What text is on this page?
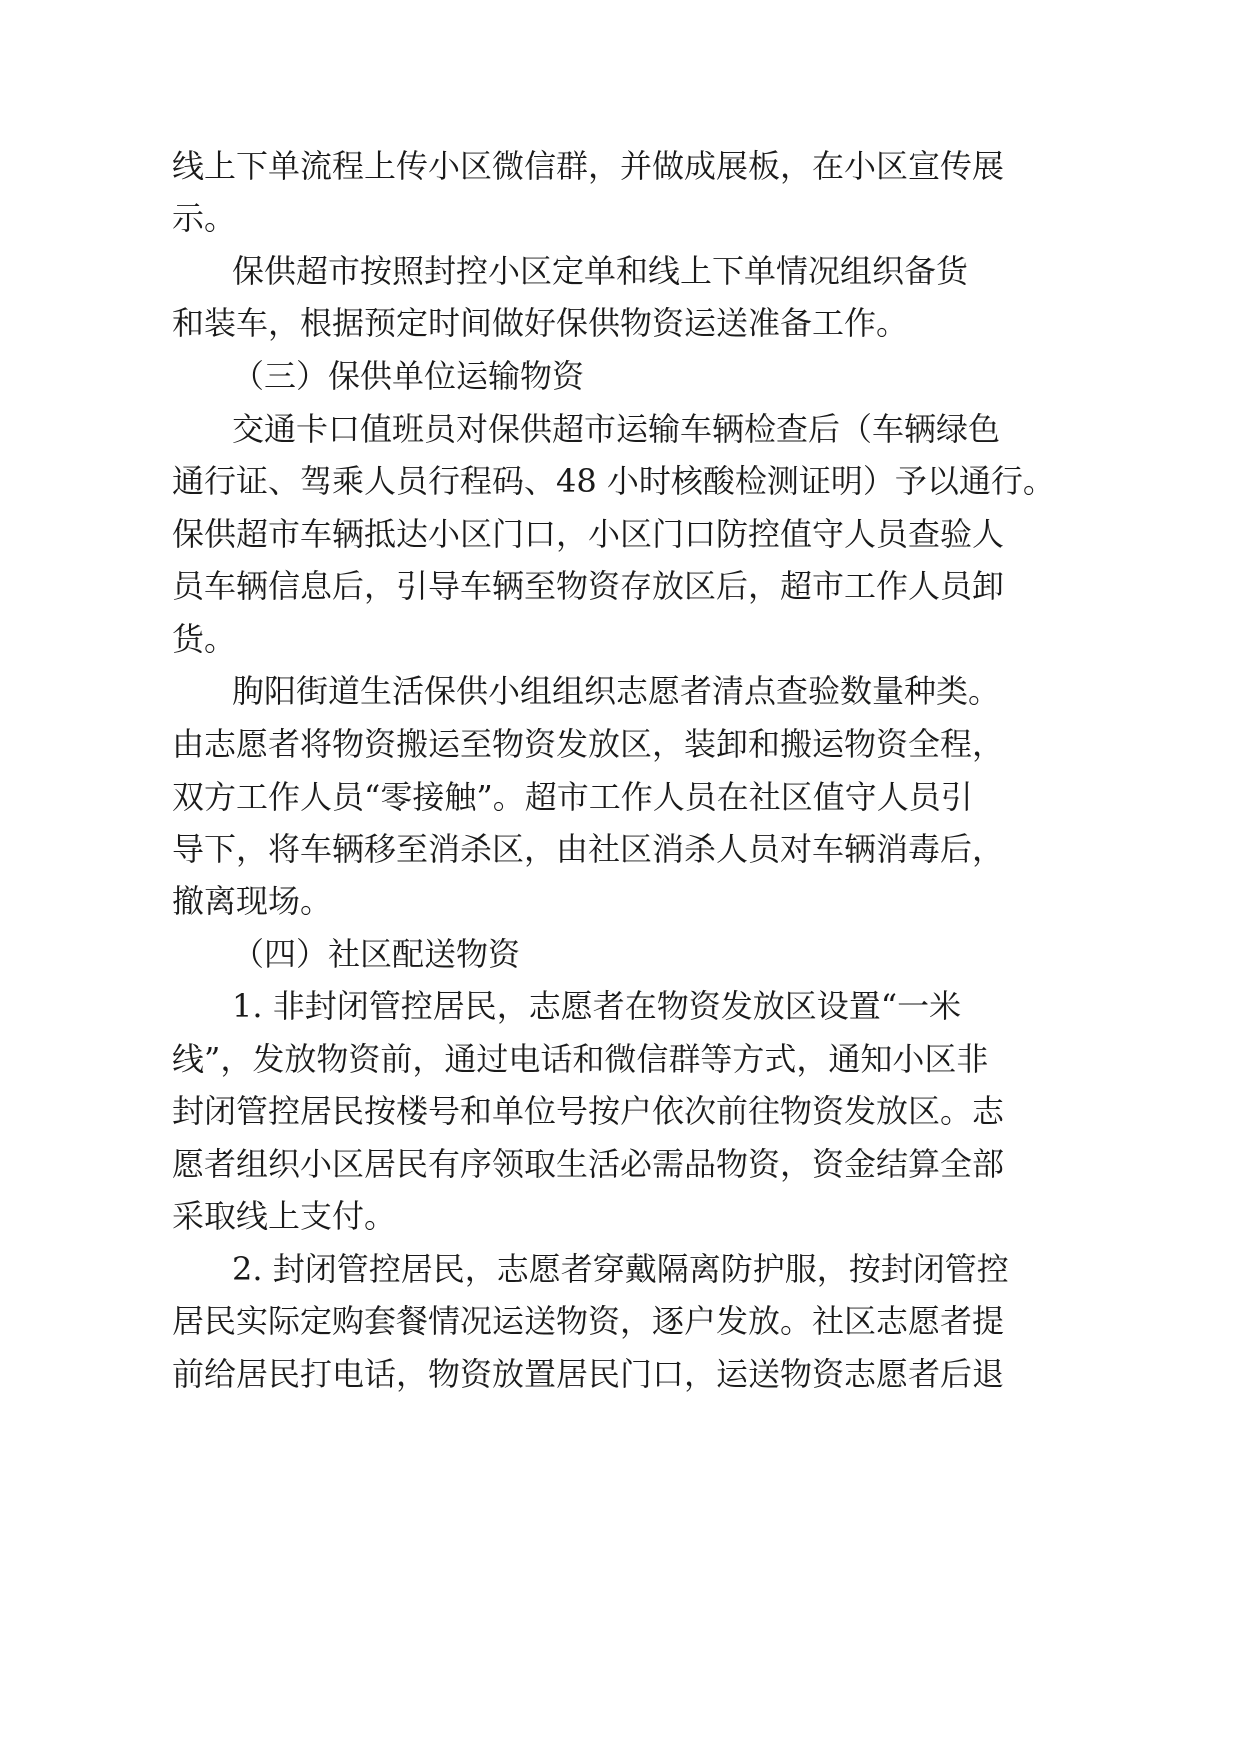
线上下单流程上传小区微信群，并做成展板，在小区宣传展
示。
保供超市按照封控小区定单和线上下单情况组织备货
和装车，根据预定时间做好保供物资运送准备工作。
（三）保供单位运输物资
交通卡口值班员对保供超市运输车辆检查后（车辆绿色
通行证、驾乘人员行程码、48 小时核酸检测证明）予以通行。
保供超市车辆抵达小区门口，小区门口防控值守人员查验人
员车辆信息后，引导车辆至物资存放区后，超市工作人员卸
货。
朐阳街道生活保供小组组织志愿者清点查验数量种类。
由志愿者将物资搬运至物资发放区，装卸和搬运物资全程，
双方工作人员“零接触”。超市工作人员在社区值守人员引
导下，将车辆移至消杀区，由社区消杀人员对车辆消毒后，
撤离现场。
（四）社区配送物资
1. 非封闭管控居民，志愿者在物资发放区设置“一米
线”，发放物资前，通过电话和微信群等方式，通知小区非
封闭管控居民按楼号和单位号按户依次前往物资发放区。志
愿者组织小区居民有序领取生活必需品物资，资金结算全部
采取线上支付。
2. 封闭管控居民，志愿者穿戴隔离防护服，按封闭管控
居民实际定购套餐情况运送物资，逐户发放。社区志愿者提
前给居民打电话，物资放置居民门口，运送物资志愿者后退
